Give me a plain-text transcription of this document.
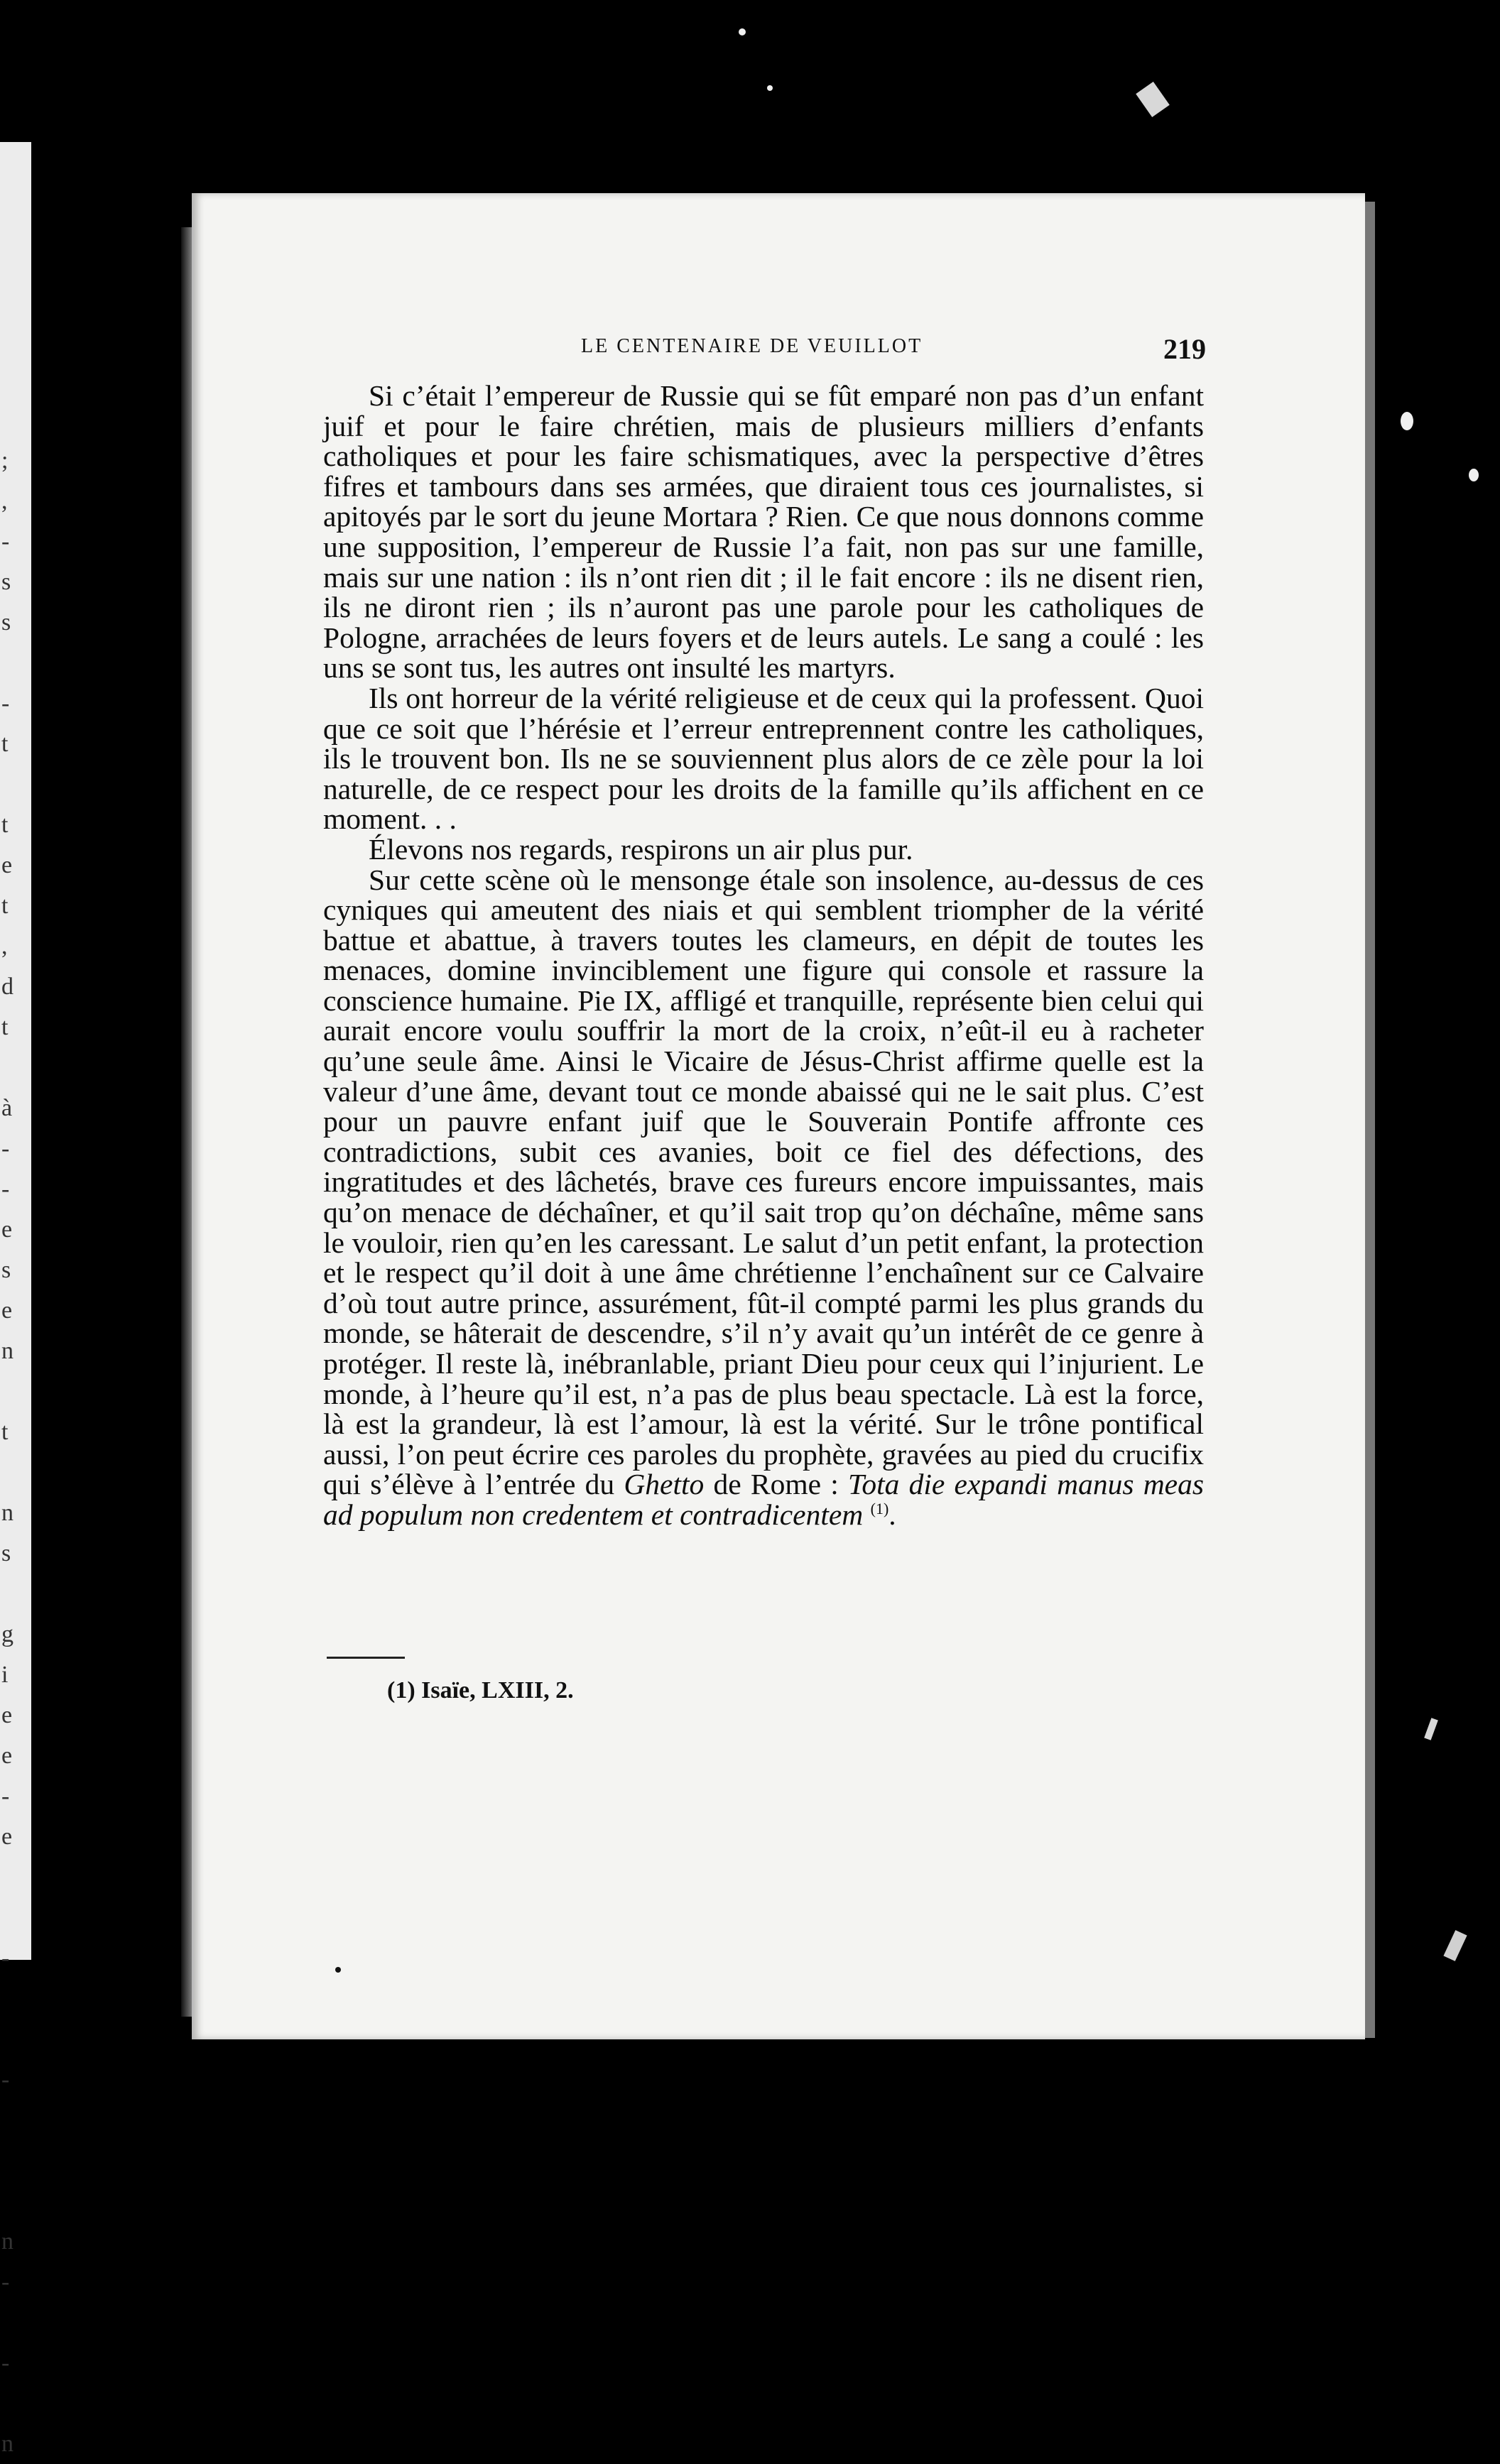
;
,
-
s
s
-
t
t
e
t
,
d
t
à
-
-
e
s
e
n
t
n
s
g
i
e
e
-
e
-
-
n
-
-
n
LE CENTENAIRE DE VEUILLOT	219

Si c’était l’empereur de Russie qui se fût emparé non pas d’un enfant juif et pour le faire chrétien, mais de plusieurs milliers d’enfants catholiques et pour les faire schismatiques, avec la perspective d’êtres fifres et tambours dans ses armées, que diraient tous ces journalistes, si apitoyés par le sort du jeune Mortara ? Rien. Ce que nous donnons comme une supposition, l’empereur de Russie l’a fait, non pas sur une famille, mais sur une nation : ils n’ont rien dit ; il le fait encore : ils ne disent rien, ils ne diront rien ; ils n’auront pas une parole pour les catholiques de Pologne, arrachées de leurs foyers et de leurs autels. Le sang a coulé : les uns se sont tus, les autres ont insulté les martyrs.

Ils ont horreur de la vérité religieuse et de ceux qui la professent. Quoi que ce soit que l’hérésie et l’erreur entreprennent contre les catholiques, ils le trouvent bon. Ils ne se souviennent plus alors de ce zèle pour la loi naturelle, de ce respect pour les droits de la famille qu’ils affichent en ce moment. . .

Élevons nos regards, respirons un air plus pur.

Sur cette scène où le mensonge étale son insolence, au-dessus de ces cyniques qui ameutent des niais et qui semblent triompher de la vérité battue et abattue, à travers toutes les clameurs, en dépit de toutes les menaces, domine invinciblement une figure qui console et rassure la conscience humaine. Pie IX, affligé et tranquille, représente bien celui qui aurait encore voulu souffrir la mort de la croix, n’eût-il eu à racheter qu’une seule âme. Ainsi le Vicaire de Jésus-Christ affirme quelle est la valeur d’une âme, devant tout ce monde abaissé qui ne le sait plus. C’est pour un pauvre enfant juif que le Souverain Pontife affronte ces contradictions, subit ces avanies, boit ce fiel des défections, des ingratitudes et des lâchetés, brave ces fureurs encore impuissantes, mais qu’on menace de déchaîner, et qu’il sait trop qu’on déchaîne, même sans le vouloir, rien qu’en les caressant. Le salut d’un petit enfant, la protection et le respect qu’il doit à une âme chrétienne l’enchaînent sur ce Calvaire d’où tout autre prince, assurément, fût-il compté parmi les plus grands du monde, se hâterait de descendre, s’il n’y avait qu’un intérêt de ce genre à protéger. Il reste là, inébranlable, priant Dieu pour ceux qui l’injurient. Le monde, à l’heure qu’il est, n’a pas de plus beau spectacle. Là est la force, là est la grandeur, là est l’amour, là est la vérité. Sur le trône pontifical aussi, l’on peut écrire ces paroles du prophète, gravées au pied du crucifix qui s’élève à l’entrée du Ghetto de Rome : Tota die expandi manus meas ad populum non credentem et contradicentem $^{(1)}$.

(1) Isaïe, LXIII, 2.
